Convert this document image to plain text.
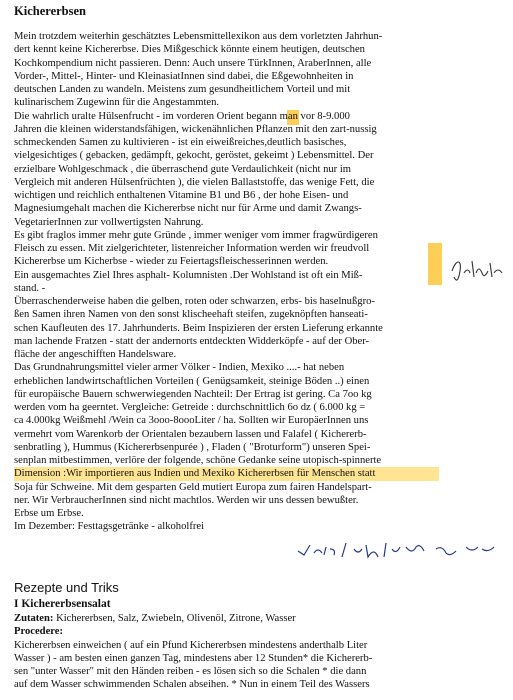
Kichererbsen
Mein trotzdem weiterhin geschätztes Lebensmittellexikon aus dem vorletzten Jahrhun-
dert kennt keine Kichererbse. Dies Mißgeschick könnte einem heutigen, deutschen
Kochkompendium nicht passieren. Denn: Auch unsere TürkInnen, AraberInnen, alle
Vorder-, Mittel-, Hinter- und KleinasiatInnen sind dabei, die Eßgewohnheiten in
deutschen Landen zu wandeln. Meistens zum gesundheitlichem Vorteil und mit
kulinarischem Zugewinn für die Angestammten.
Die wahrlich uralte Hülsenfrucht - im vorderen Orient begann man vor 8-9.000
Jahren die kleinen widerstandsfähigen, wickenähnlichen Pflanzen mit den zart-nussig
schmeckenden Samen zu kultivieren - ist ein eiweißreiches,deutlich basisches,
vielgesichtiges ( gebacken, gedämpft, gekocht, geröstet, gekeimt ) Lebensmittel. Der
erzielbare Wohlgeschmack , die überraschend gute Verdaulichkeit (nicht nur im
Vergleich mit anderen Hülsenfrüchten ), die vielen Ballaststoffe, das wenige Fett, die
wichtigen und reichlich enthaltenen Vitamine B1 und B6 , der hohe Eisen- und
Magnesiumgehalt machen die Kichererbse nicht nur für Arme und damit Zwangs-
VegetarierInnen zur vollwertigsten Nahrung.
Es gibt fraglos immer mehr gute Gründe , immer weniger vom immer fragwürdigeren
Fleisch zu essen. Mit zielgerichteter, listenreicher Information werden wir freudvoll
Kichererbse um Kicherbse - wieder zu Feiertagsfleischesserinnen werden.
Ein ausgemachtes Ziel Ihres asphalt- Kolumnisten .Der Wohlstand ist oft ein Miß-
stand. -
Überraschenderweise haben die gelben, roten oder schwarzen, erbs- bis haselnußgro-
ßen Samen ihren Namen von den sonst klischeehaft steifen, zugeknöpften hanseati-
schen Kaufleuten des 17. Jahrhunderts. Beim Inspizieren der ersten Lieferung erkannte
man lachende Fratzen - statt der andernorts entdeckten Widderköpfe - auf der Ober-
fläche der angeschifften Handelsware.
Das Grundnahrungsmittel vieler armer Völker - Indien, Mexiko ....- hat neben
erheblichen landwirtschaftlichen Vorteilen ( Genügsamkeit, steinige Böden ..) einen
für europäische Bauern schwerwiegenden Nachteil: Der Ertrag ist gering. Ca 7oo kg
werden vom ha geerntet. Vergleiche: Getreide : durchschnittlich 6o dz ( 6.000 kg =
ca 4.000kg Weißmehl /Wein ca 3ooo-8oooLiter / ha. Sollten wir EuropäerInnen uns
vermehrt vom Warenkorb der Orientalen bezaubern lassen und Falafel ( Kichererb-
senbratling ), Hummus (Kichererbsenpurée ) , Fladen ( "Broturform") unseren Spei-
senplan mitbestimmen, verlöre der folgende, schöne Gedanke seine utopisch-spinnerte
Dimension :Wir importieren aus Indien und Mexiko Kichererbsen für Menschen statt
Soja für Schweine. Mit dem gesparten Geld mutiert Europa zum fairen Handelspart-
ner. Wir VerbraucherInnen sind nicht machtlos. Werden wir uns dessen bewußter.
Erbse um Erbse.
Im Dezember: Festtagsgetränke - alkoholfrei
gekürzt
Vertrags Mühlen
Rezepte und Triks
I Kichererbsensalat
Zutaten: Kichererbsen, Salz, Zwiebeln, Olivenöl, Zitrone, Wasser
Procedere:
Kichererbsen einweichen ( auf ein Pfund Kichererbsen mindestens anderthalb Liter
Wasser ) - am besten einen ganzen Tag, mindestens aber 12 Stunden* die Kichererb-
sen "unter Wasser" mit den Händen reiben - es lösen sich so die Schalen * die dann
auf dem Wasser schwimmenden Schalen abseihen. * Nun in einem Teil des Wassers
